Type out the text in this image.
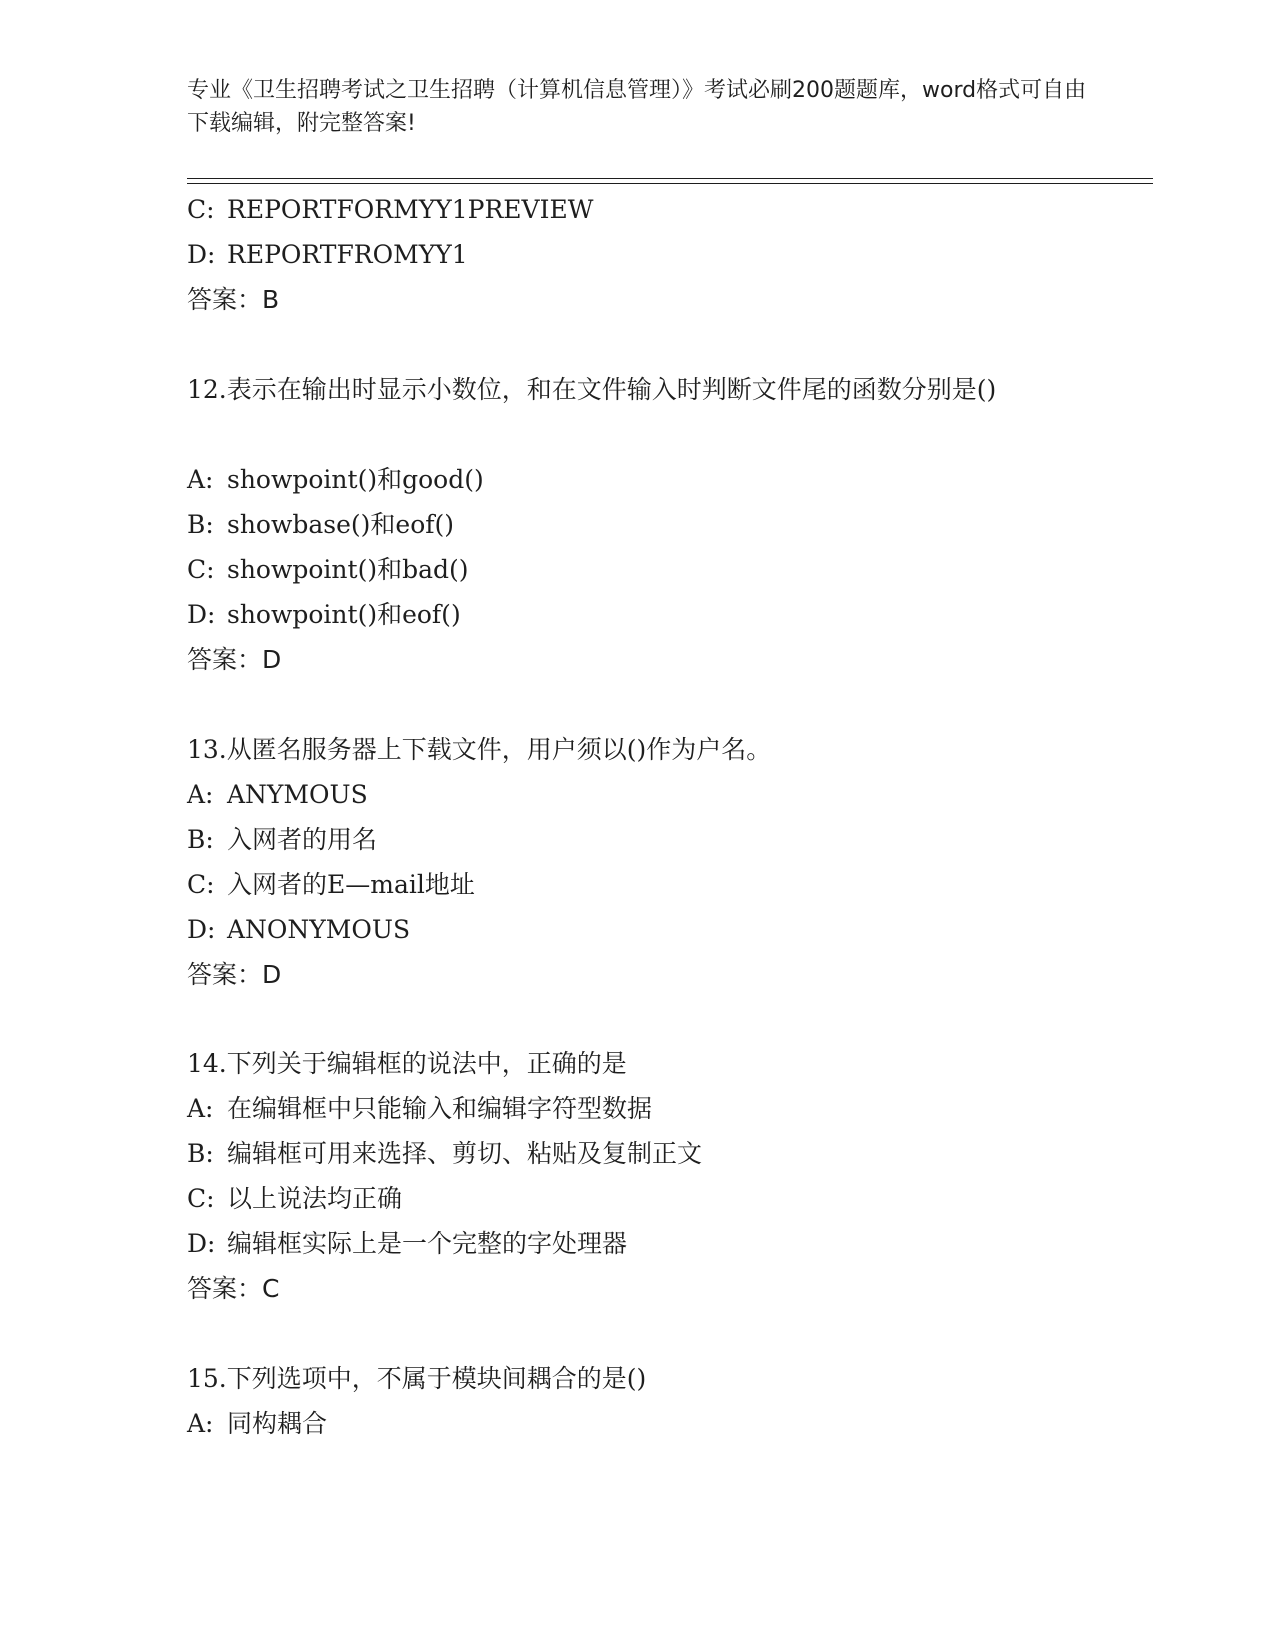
专业《卫生招聘考试之卫生招聘（计算机信息管理）》考试必刷200题题库，word格式可自由下载编辑，附完整答案!

C: REPORTFORMYY1PREVIEW

D: REPORTFROMYY1

答案：B

12.表示在输出时显示小数位，和在文件输入时判断文件尾的函数分别是()

A: showpoint()和good()

B: showbase()和eof()

C: showpoint()和bad()

D: showpoint()和eof()

答案：D

13.从匿名服务器上下载文件，用户须以()作为户名。

A: ANYMOUS

B: 入网者的用名

C: 入网者的E—mail地址

D: ANONYMOUS

答案：D

14.下列关于编辑框的说法中，正确的是

A: 在编辑框中只能输入和编辑字符型数据

B: 编辑框可用来选择、剪切、粘贴及复制正文

C: 以上说法均正确

D: 编辑框实际上是一个完整的字处理器

答案：C

15.下列选项中，不属于模块间耦合的是()

A: 同构耦合
